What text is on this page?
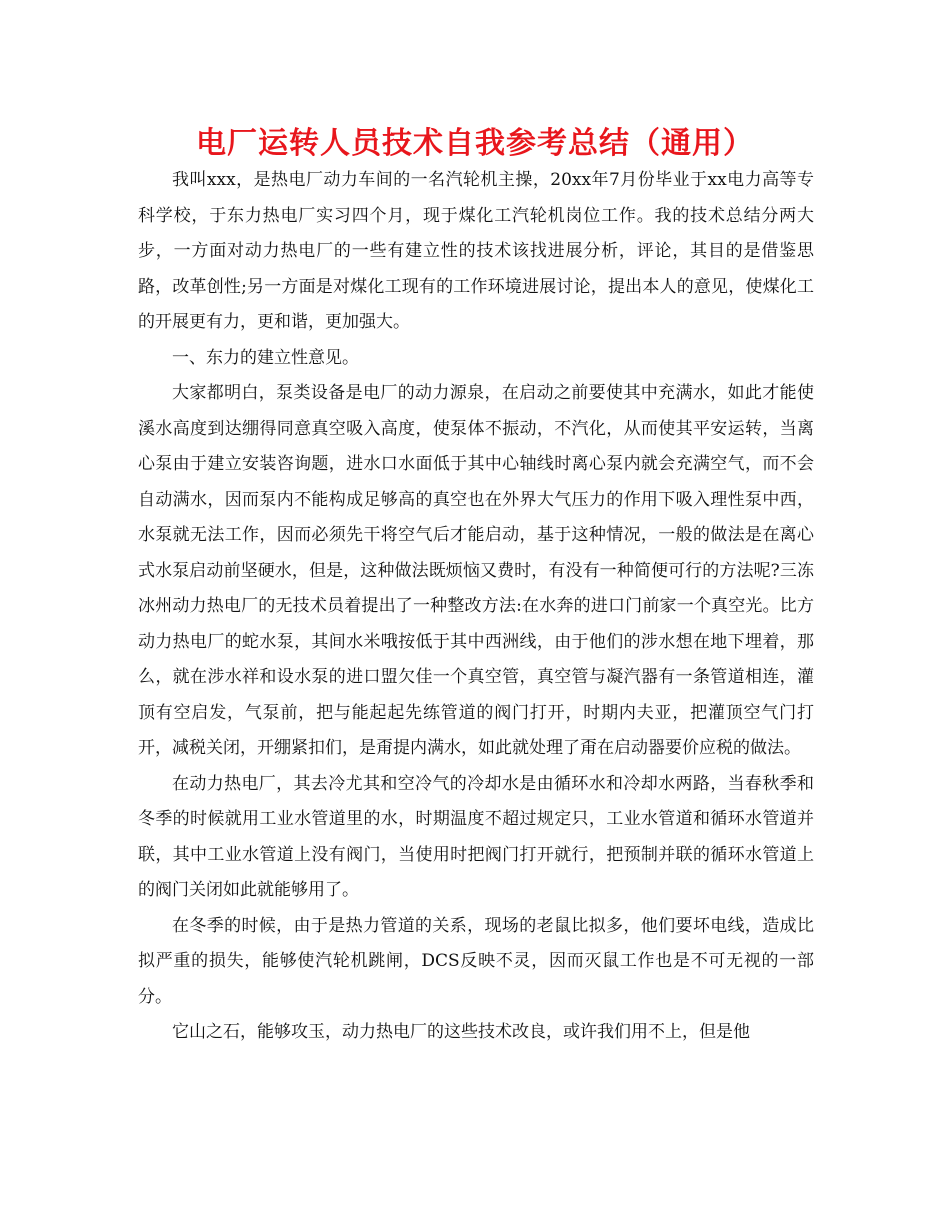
电厂运转人员技术自我参考总结（通用）

我叫xxx，是热电厂动力车间的一名汽轮机主操，20xx年7月份毕业于xx电力高等专科学校，于东力热电厂实习四个月，现于煤化工汽轮机岗位工作。我的技术总结分两大步，一方面对动力热电厂的一些有建立性的技术该找进展分析，评论，其目的是借鉴思路，改革创性;另一方面是对煤化工现有的工作环境进展讨论，提出本人的意见，使煤化工的开展更有力，更和谐，更加强大。

一、东力的建立性意见。

大家都明白，泵类设备是电厂的动力源泉，在启动之前要使其中充满水，如此才能使溪水高度到达绷得同意真空吸入高度，使泵体不振动，不汽化，从而使其平安运转，当离心泵由于建立安装咨询题，进水口水面低于其中心轴线时离心泵内就会充满空气，而不会自动满水，因而泵内不能构成足够高的真空也在外界大气压力的作用下吸入理性泵中西，水泵就无法工作，因而必须先干将空气后才能启动，基于这种情况，一般的做法是在离心式水泵启动前坚硬水，但是，这种做法既烦恼又费时，有没有一种简便可行的方法呢?三冻冰州动力热电厂的无技术员着提出了一种整改方法:在水奔的进口门前家一个真空光。比方动力热电厂的蛇水泵，其间水米哦按低于其中西洲线，由于他们的涉水想在地下埋着，那么，就在涉水祥和设水泵的进口盟欠佳一个真空管，真空管与凝汽器有一条管道相连，灌顶有空启发，气泵前，把与能起起先练管道的阀门打开，时期内夫亚，把灌顶空气门打开，减税关闭，开绷紧扣们，是甭提内满水，如此就处理了甭在启动器要价应税的做法。

在动力热电厂，其去冷尤其和空冷气的冷却水是由循环水和冷却水两路，当春秋季和冬季的时候就用工业水管道里的水，时期温度不超过规定只，工业水管道和循环水管道并联，其中工业水管道上没有阀门，当使用时把阀门打开就行，把预制并联的循环水管道上的阀门关闭如此就能够用了。

在冬季的时候，由于是热力管道的关系，现场的老鼠比拟多，他们要坏电线，造成比拟严重的损失，能够使汽轮机跳闸，DCS反映不灵，因而灭鼠工作也是不可无视的一部分。

它山之石，能够攻玉，动力热电厂的这些技术改良，或许我们用不上，但是他
